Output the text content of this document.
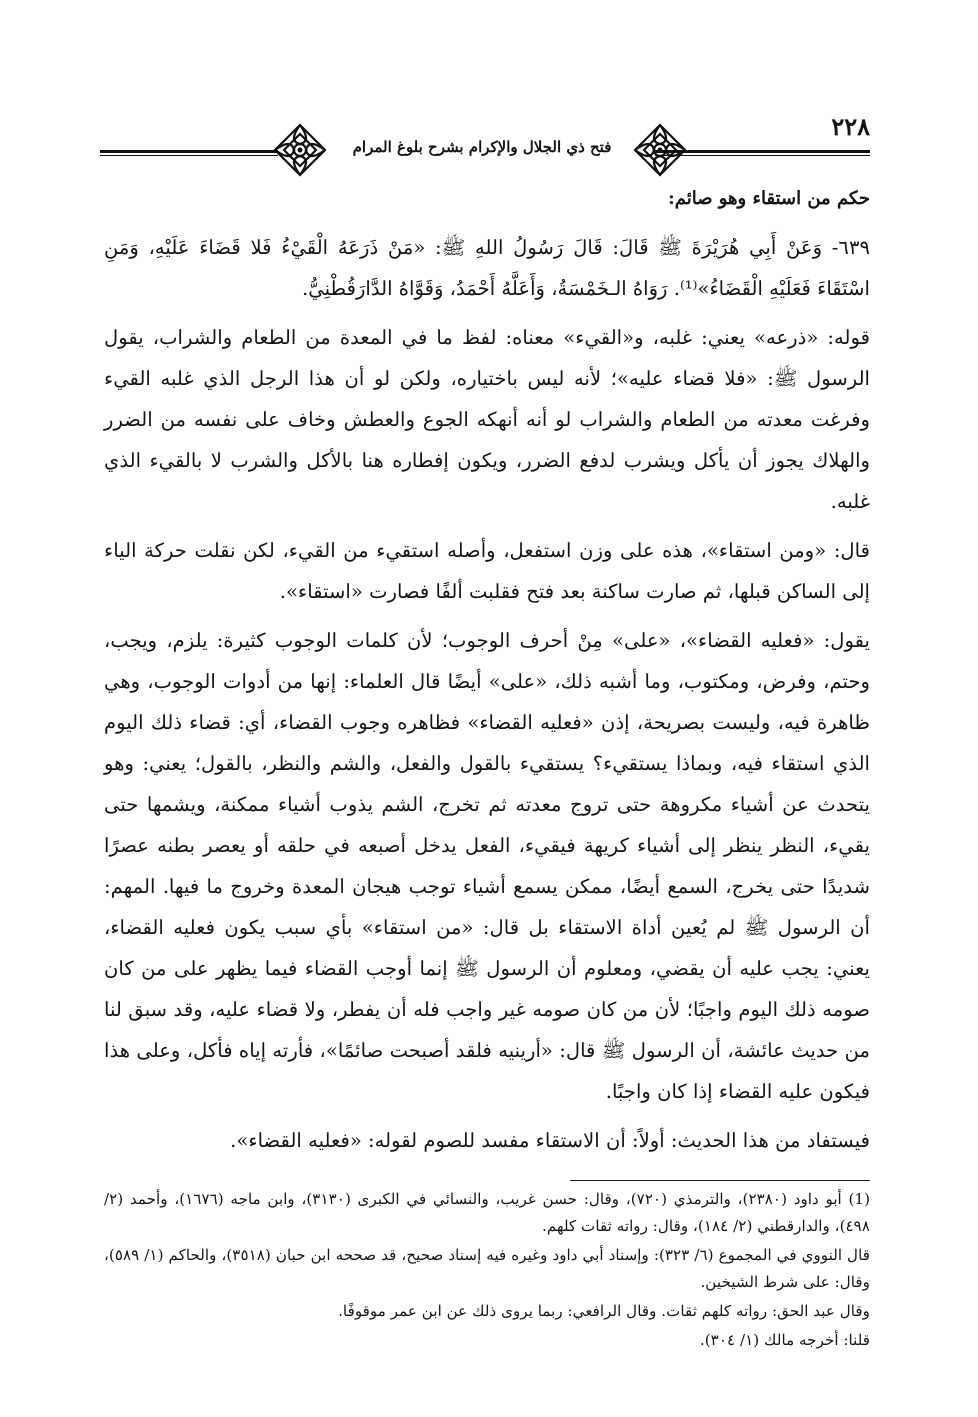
٢٢٨
فتح ذي الجلال والإكرام بشرح بلوغ المرام

حكم من استقاء وهو صائم:

٦٣٩- وَعَنْ أَبِي هُرَيْرَةَ ﷺ قَالَ: قَالَ رَسُولُ اللهِ ﷺ: «مَنْ ذَرَعَهُ الْقَيْءُ فَلا قَضَاءَ عَلَيْهِ، وَمَنِ اسْتَقَاءَ فَعَلَيْهِ الْقَضَاءُ»⁽¹⁾. رَوَاهُ الـخَمْسَةُ، وَأَعَلَّهُ أَحْمَدُ، وَقَوَّاهُ الدَّارَقُطْنِيُّ.

قوله: «ذرعه» يعني: غلبه، و«القيء» معناه: لفظ ما في المعدة من الطعام والشراب، يقول الرسول ﷺ: «فلا قضاء عليه»؛ لأنه ليس باختياره، ولكن لو أن هذا الرجل الذي غلبه القيء وفرغت معدته من الطعام والشراب لو أنه أنهكه الجوع والعطش وخاف على نفسه من الضرر والهلاك يجوز أن يأكل ويشرب لدفع الضرر، ويكون إفطاره هنا بالأكل والشرب لا بالقيء الذي غلبه.

قال: «ومن استقاء»، هذه على وزن استفعل، وأصله استقيء من القيء، لكن نقلت حركة الياء إلى الساكن قبلها، ثم صارت ساكنة بعد فتح فقلبت ألفًا فصارت «استقاء».

يقول: «فعليه القضاء»، «على» مِنْ أحرف الوجوب؛ لأن كلمات الوجوب كثيرة: يلزم، ويجب، وحتم، وفرض، ومكتوب، وما أشبه ذلك، «على» أيضًا قال العلماء: إنها من أدوات الوجوب، وهي ظاهرة فيه، وليست بصريحة، إذن «فعليه القضاء» فظاهره وجوب القضاء، أي: قضاء ذلك اليوم الذي استقاء فيه، وبماذا يستقيء؟ يستقيء بالقول والفعل، والشم والنظر، بالقول؛ يعني: وهو يتحدث عن أشياء مكروهة حتى تروج معدته ثم تخرج، الشم يذوب أشياء ممكنة، ويشمها حتى يقيء، النظر ينظر إلى أشياء كريهة فيقيء، الفعل يدخل أصبعه في حلقه أو يعصر بطنه عصرًا شديدًا حتى يخرج، السمع أيضًا، ممكن يسمع أشياء توجب هيجان المعدة وخروج ما فيها. المهم: أن الرسول ﷺ لم يُعين أداة الاستقاء بل قال: «من استقاء» بأي سبب يكون فعليه القضاء، يعني: يجب عليه أن يقضي، ومعلوم أن الرسول ﷺ إنما أوجب القضاء فيما يظهر على من كان صومه ذلك اليوم واجبًا؛ لأن من كان صومه غير واجب فله أن يفطر، ولا قضاء عليه، وقد سبق لنا من حديث عائشة، أن الرسول ﷺ قال: «أرينيه فلقد أصبحت صائمًا»، فأرته إياه فأكل، وعلى هذا فيكون عليه القضاء إذا كان واجبًا.

فيستفاد من هذا الحديث: أولاً: أن الاستقاء مفسد للصوم لقوله: «فعليه القضاء».

(1) أبو داود (٢٣٨٠)، والترمذي (٧٢٠)، وقال: حسن غريب، والنسائي في الكبرى (٣١٣٠)، وابن ماجه (١٦٧٦)، وأحمد (٢/ ٤٩٨)، والدارقطني (٢/ ١٨٤)، وقال: رواته ثقات كلهم.

قال النووي في المجموع (٦/ ٣٢٣): وإسناد أبي داود وغيره فيه إسناد صحيح، قد صححه ابن حبان (٣٥١٨)، والحاكم (١/ ٥٨٩)، وقال: على شرط الشيخين.

وقال عبد الحق: رواته كلهم ثقات. وقال الرافعي: ربما يروى ذلك عن ابن عمر موقوفًا.

قلنا: أخرجه مالك (١/ ٣٠٤).
